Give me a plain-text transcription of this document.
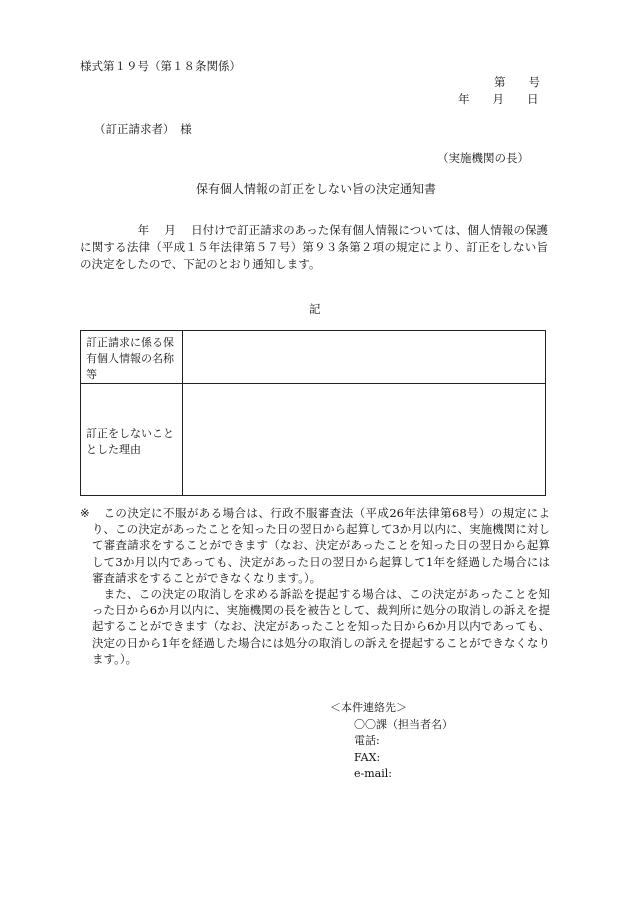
様式第１９号（第１８条関係）
第　　号
年　　月　　日
（訂正請求者）　様
（実施機関の長）
保有個人情報の訂正をしない旨の決定通知書
　　　　　年　 月　 日付けで訂正請求のあった保有個人情報については、個人情報の保護に関する法律（平成１５年法律第５７号）第９３条第２項の規定により、訂正をしない旨の決定をしたので、下記のとおり通知します。
記
訂正請求に係る保有個人情報の名称等	
訂正をしないこととした理由	
※	この決定に不服がある場合は、行政不服審査法（平成26年法律第68号）の規定により、この決定があったことを知った日の翌日から起算して3か月以内に、実施機関に対して審査請求をすることができます（なお、決定があったことを知った日の翌日から起算して3か月以内であっても、決定があった日の翌日から起算して1年を経過した場合には審査請求をすることができなくなります。）。

また、この決定の取消しを求める訴訟を提起する場合は、この決定があったことを知った日から6か月以内に、実施機関の長を被告として、裁判所に処分の取消しの訴えを提起することができます（なお、決定があったことを知った日から6か月以内であっても、決定の日から1年を経過した場合には処分の取消しの訴えを提起することができなくなります。）。

＜本件連絡先＞
〇〇課（担当者名）
電話:
FAX:
e-mail:
